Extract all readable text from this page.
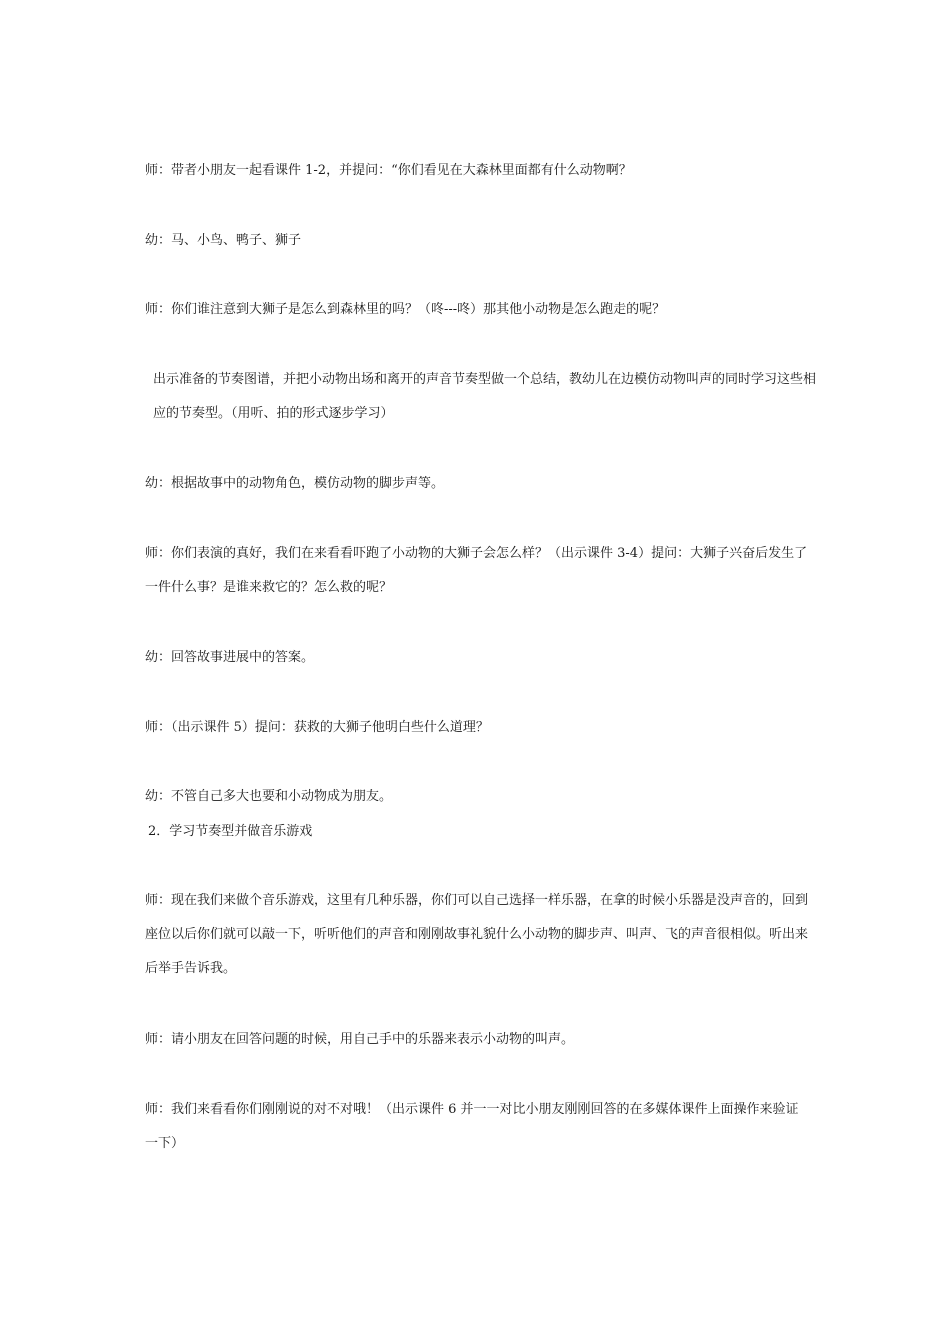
师：带者小朋友一起看课件 1-2，并提问：“你们看见在大森林里面都有什么动物啊？

幼：马、小鸟、鸭子、狮子

师：你们谁注意到大狮子是怎么到森林里的吗？（咚---咚）那其他小动物是怎么跑走的呢？

出示准备的节奏图谱，并把小动物出场和离开的声音节奏型做一个总结，教幼儿在边模仿动物叫声的同时学习这些相应的节奏型。（用听、拍的形式逐步学习）

幼：根据故事中的动物角色，模仿动物的脚步声等。

师：你们表演的真好，我们在来看看吓跑了小动物的大狮子会怎么样？（出示课件 3-4）提问：大狮子兴奋后发生了一件什么事？是谁来救它的？怎么救的呢？

幼：回答故事进展中的答案。

师：（出示课件 5）提问：获救的大狮子他明白些什么道理？

幼：不管自己多大也要和小动物成为朋友。

2．学习节奏型并做音乐游戏

师：现在我们来做个音乐游戏，这里有几种乐器，你们可以自己选择一样乐器，在拿的时候小乐器是没声音的，回到座位以后你们就可以敲一下，听听他们的声音和刚刚故事礼貌什么小动物的脚步声、叫声、飞的声音很相似。听出来后举手告诉我。

师：请小朋友在回答问题的时候，用自己手中的乐器来表示小动物的叫声。

师：我们来看看你们刚刚说的对不对哦！（出示课件 6 并一一对比小朋友刚刚回答的在多媒体课件上面操作来验证一下）
